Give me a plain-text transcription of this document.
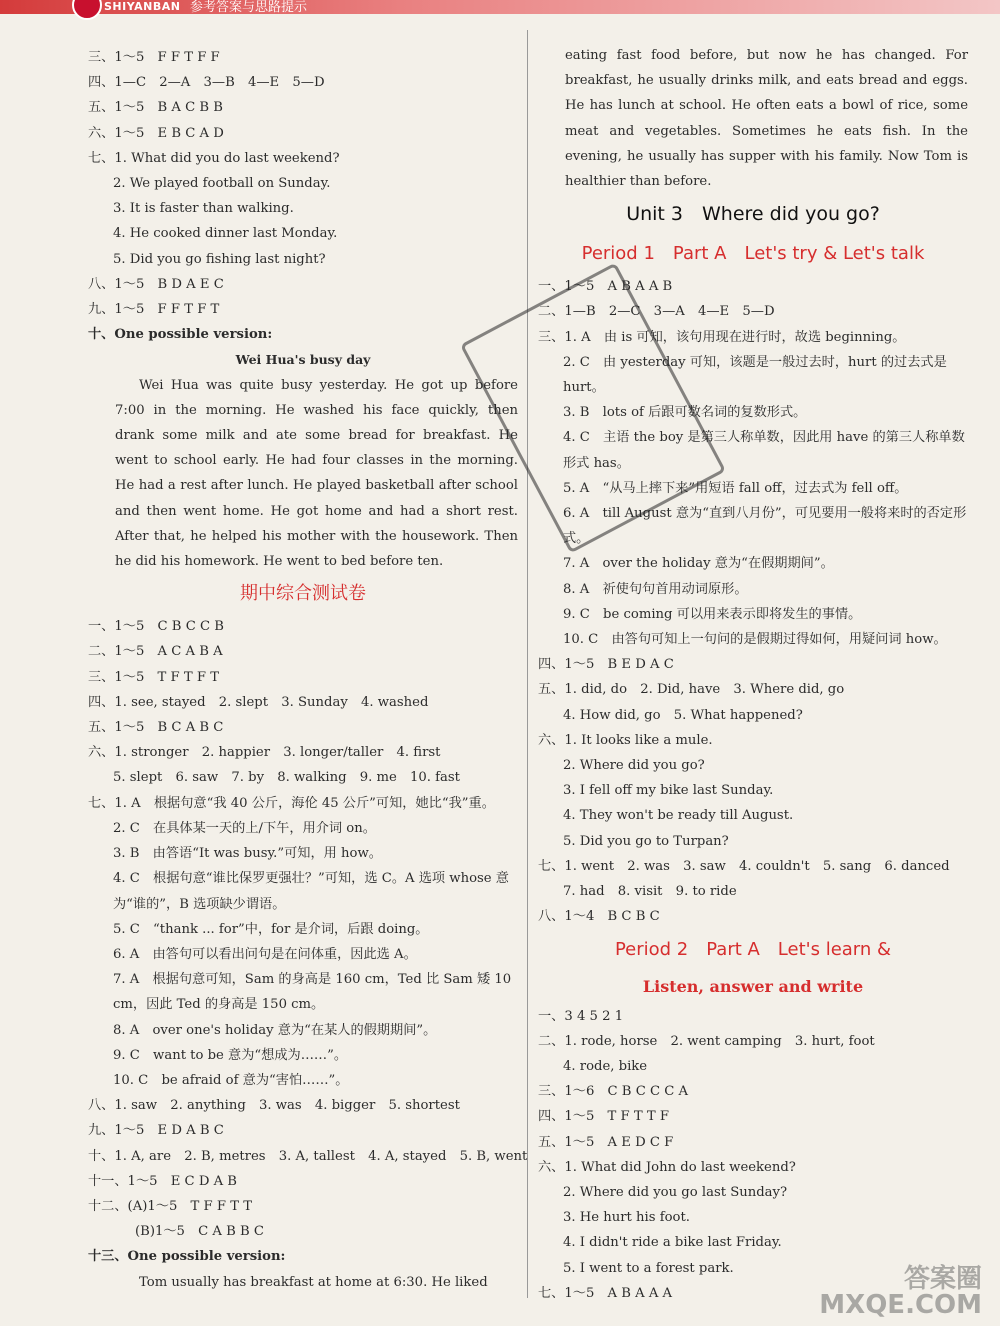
SHIYANBAN 参考答案与思路提示
三、1～5　F F T F F
四、1—C　2—A　3—B　4—E　5—D
五、1～5　B A C B B
六、1～5　E B C A D
七、1. What did you do last weekend?
2. We played football on Sunday.
3. It is faster than walking.
4. He cooked dinner last Monday.
5. Did you go fishing last night?
八、1～5　B D A E C
九、1～5　F F T F T
十、One possible version:
Wei Hua's busy day
Wei Hua was quite busy yesterday. He got up before 7:00 in the morning. He washed his face quickly, then drank some milk and ate some bread for breakfast. He went to school early. He had four classes in the morning. He had a rest after lunch. He played basketball after school and then went home. He got home and had a short rest. After that, he helped his mother with the housework. Then he did his homework. He went to bed before ten.
期中综合测试卷
一、1～5　C B C C B
二、1～5　A C A B A
三、1～5　T F T F T
四、1. see, stayed　2. slept　3. Sunday　4. washed
五、1～5　B C A B C
六、1. stronger　2. happier　3. longer/taller　4. first
5. slept　6. saw　7. by　8. walking　9. me　10. fast
七、1. A　根据句意“我 40 公斤，海伦 45 公斤”可知，她比“我”重。
2. C　在具体某一天的上/下午，用介词 on。
3. B　由答语“It was busy.”可知，用 how。
4. C　根据句意“谁比保罗更强壮？”可知，选 C。A 选项 whose 意为“谁的”，B 选项缺少谓语。
5. C　“thank ... for”中，for 是介词，后跟 doing。
6. A　由答句可以看出问句是在问体重，因此选 A。
7. A　根据句意可知，Sam 的身高是 160 cm，Ted 比 Sam 矮 10 cm，因此 Ted 的身高是 150 cm。
8. A　over one's holiday 意为“在某人的假期期间”。
9. C　want to be 意为“想成为……”。
10. C　be afraid of 意为“害怕……”。
八、1. saw　2. anything　3. was　4. bigger　5. shortest
九、1～5　E D A B C
十、1. A, are　2. B, metres　3. A, tallest　4. A, stayed　5. B, went
十一、1～5　E C D A B
十二、(A)1～5　T F F T T
(B)1～5　C A B B C
十三、One possible version:
Tom usually has breakfast at home at 6:30. He liked
eating fast food before, but now he has changed. For breakfast, he usually drinks milk, and eats bread and eggs. He has lunch at school. He often eats a bowl of rice, some meat and vegetables. Sometimes he eats fish. In the evening, he usually has supper with his family. Now Tom is healthier than before.
Unit 3　Where did you go?
Period 1　Part A　Let's try & Let's talk
一、1～5　A B A A B
二、1—B　2—C　3—A　4—E　5—D
三、1. A　由 is 可知，该句用现在进行时，故选 beginning。
2. C　由 yesterday 可知，该题是一般过去时，hurt 的过去式是 hurt。
3. B　lots of 后跟可数名词的复数形式。
4. C　主语 the boy 是第三人称单数，因此用 have 的第三人称单数形式 has。
5. A　“从马上摔下来”用短语 fall off，过去式为 fell off。
6. A　till August 意为“直到八月份”，可见要用一般将来时的否定形式。
7. A　over the holiday 意为“在假期期间”。
8. A　祈使句句首用动词原形。
9. C　be coming 可以用来表示即将发生的事情。
10. C　由答句可知上一句问的是假期过得如何，用疑问词 how。
四、1～5　B E D A C
五、1. did, do　2. Did, have　3. Where did, go
4. How did, go　5. What happened?
六、1. It looks like a mule.
2. Where did you go?
3. I fell off my bike last Sunday.
4. They won't be ready till August.
5. Did you go to Turpan?
七、1. went　2. was　3. saw　4. couldn't　5. sang　6. danced
7. had　8. visit　9. to ride
八、1～4　B C B C
Period 2　Part A　Let's learn &
Listen, answer and write
一、3 4 5 2 1
二、1. rode, horse　2. went camping　3. hurt, foot
4. rode, bike
三、1～6　C B C C C A
四、1～5　T F T T F
五、1～5　A E D C F
六、1. What did John do last weekend?
2. Where did you go last Sunday?
3. He hurt his foot.
4. I didn't ride a bike last Friday.
5. I went to a forest park.
七、1～5　A B A A A	答案圈
MXQE.COM
